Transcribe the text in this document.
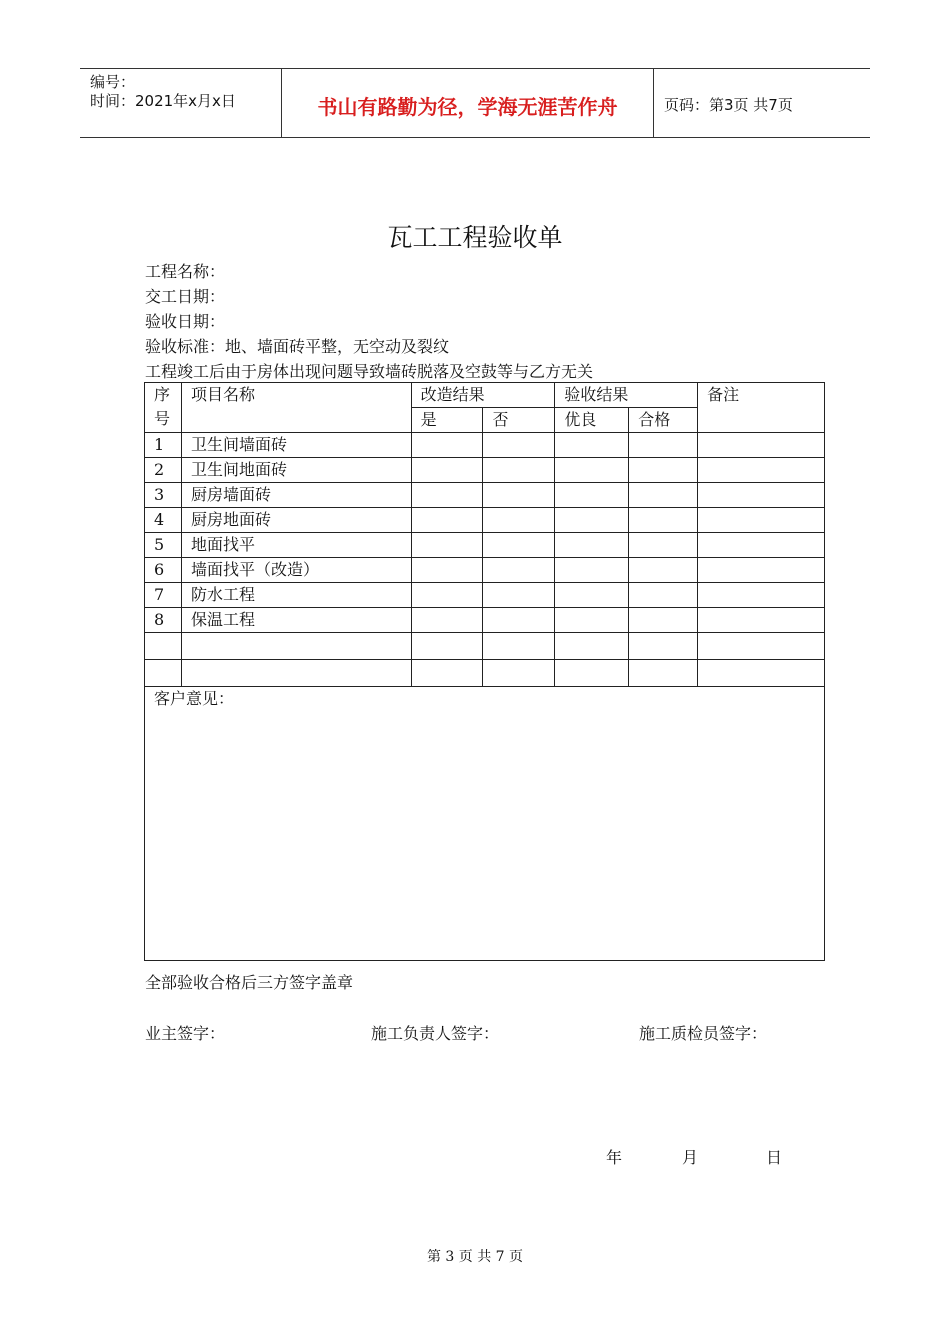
编号：
时间：2021年x月x日	书山有路勤为径，学海无涯苦作舟	页码：第3页 共7页
瓦工工程验收单
工程名称：
交工日期：
验收日期：
验收标准：地、墙面砖平整，无空动及裂纹
工程竣工后由于房体出现问题导致墙砖脱落及空鼓等与乙方无关
序号	项目名称	改造结果		验收结果		备注
		是	否	优良	合格	
1	卫生间墙面砖					
2	卫生间地面砖					
3	厨房墙面砖					
4	厨房地面砖					
5	地面找平					
6	墙面找平（改造）					
7	防水工程					
8	保温工程					

客户意见：						
全部验收合格后三方签字盖章
业主签字：	施工负责人签字：	施工质检员签字：
年	月	日
第 3 页 共 7 页
